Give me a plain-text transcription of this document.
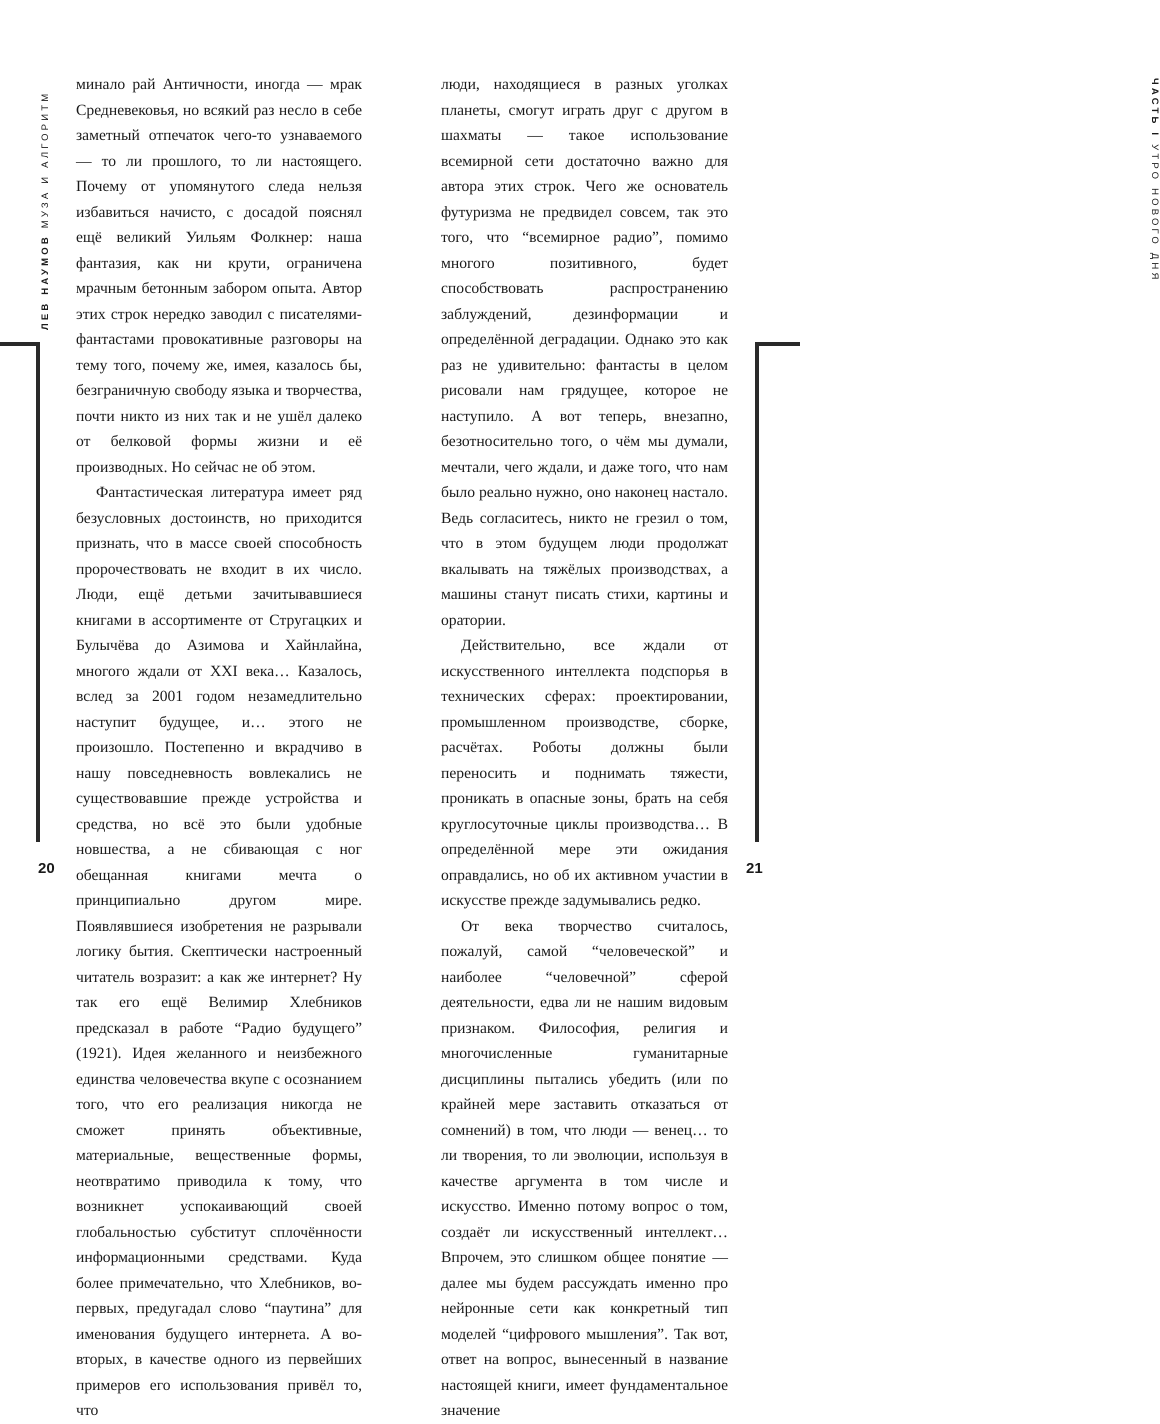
ЛЕВ НАУМОВ МУЗА И АЛГОРИТМ
20

минало рай Античности, иногда — мрак Средневековья, но всякий раз несло в себе заметный отпечаток чего-то узнаваемого — то ли прошлого, то ли настоящего. Почему от упомянутого следа нельзя избавиться начисто, с досадой пояснял ещё великий Уильям Фолкнер: наша фантазия, как ни крути, ограничена мрачным бетонным забором опыта. Автор этих строк нередко заводил с писателями-фантастами провокативные разговоры на тему того, почему же, имея, казалось бы, безграничную свободу языка и творчества, почти никто из них так и не ушёл далеко от белковой формы жизни и её производных. Но сейчас не об этом.

Фантастическая литература имеет ряд безусловных достоинств, но приходится признать, что в массе своей способность пророчествовать не входит в их число. Люди, ещё детьми зачитывавшиеся книгами в ассортименте от Стругацких и Булычёва до Азимова и Хайнлайна, многого ждали от XXI века… Казалось, вслед за 2001 годом незамедлительно наступит будущее, и… этого не произошло. Постепенно и вкрадчиво в нашу повседневность вовлекались не существовавшие прежде устройства и средства, но всё это были удобные новшества, а не сбивающая с ног обещанная книгами мечта о принципиально другом мире. Появлявшиеся изобретения не разрывали логику бытия. Скептически настроенный читатель возразит: а как же интернет? Ну так его ещё Велимир Хлебников предсказал в работе “Радио будущего” (1921). Идея желанного и неизбежного единства человечества вкупе с осознанием того, что его реализация никогда не сможет принять объективные, материальные, вещественные формы, неотвратимо приводила к тому, что возникнет успокаивающий своей глобальностью субститут сплочённости информационными средствами. Куда более примечательно, что Хлебников, во-первых, предугадал слово “паутина” для именования будущего интернета. А во-вторых, в качестве одного из первейших примеров его использования привёл то, что

ЧАСТЬ I УТРО НОВОГО ДНЯ
21

люди, находящиеся в разных уголках планеты, смогут играть друг с другом в шахматы — такое использование всемирной сети достаточно важно для автора этих строк. Чего же основатель футуризма не предвидел совсем, так это того, что “всемирное радио”, помимо многого позитивного, будет способствовать распространению заблуждений, дезинформации и определённой деградации. Однако это как раз не удивительно: фантасты в целом рисовали нам грядущее, которое не наступило. А вот теперь, внезапно, безотносительно того, о чём мы думали, мечтали, чего ждали, и даже того, что нам было реально нужно, оно наконец настало. Ведь согласитесь, никто не грезил о том, что в этом будущем люди продолжат вкалывать на тяжёлых производствах, а машины станут писать стихи, картины и оратории.

Действительно, все ждали от искусственного интеллекта подспорья в технических сферах: проектировании, промышленном производстве, сборке, расчётах. Роботы должны были переносить и поднимать тяжести, проникать в опасные зоны, брать на себя круглосуточные циклы производства… В определённой мере эти ожидания оправдались, но об их активном участии в искусстве прежде задумывались редко.

От века творчество считалось, пожалуй, самой “человеческой” и наиболее “человечной” сферой деятельности, едва ли не нашим видовым признаком. Философия, религия и многочисленные гуманитарные дисциплины пытались убедить (или по крайней мере заставить отказаться от сомнений) в том, что люди — венец… то ли творения, то ли эволюции, используя в качестве аргумента в том числе и искусство. Именно потому вопрос о том, создаёт ли искусственный интеллект… Впрочем, это слишком общее понятие — далее мы будем рассуждать именно про нейронные сети как конкретный тип моделей “цифрового мышления”. Так вот, ответ на вопрос, вынесенный в название настоящей книги, имеет фундаментальное значение
